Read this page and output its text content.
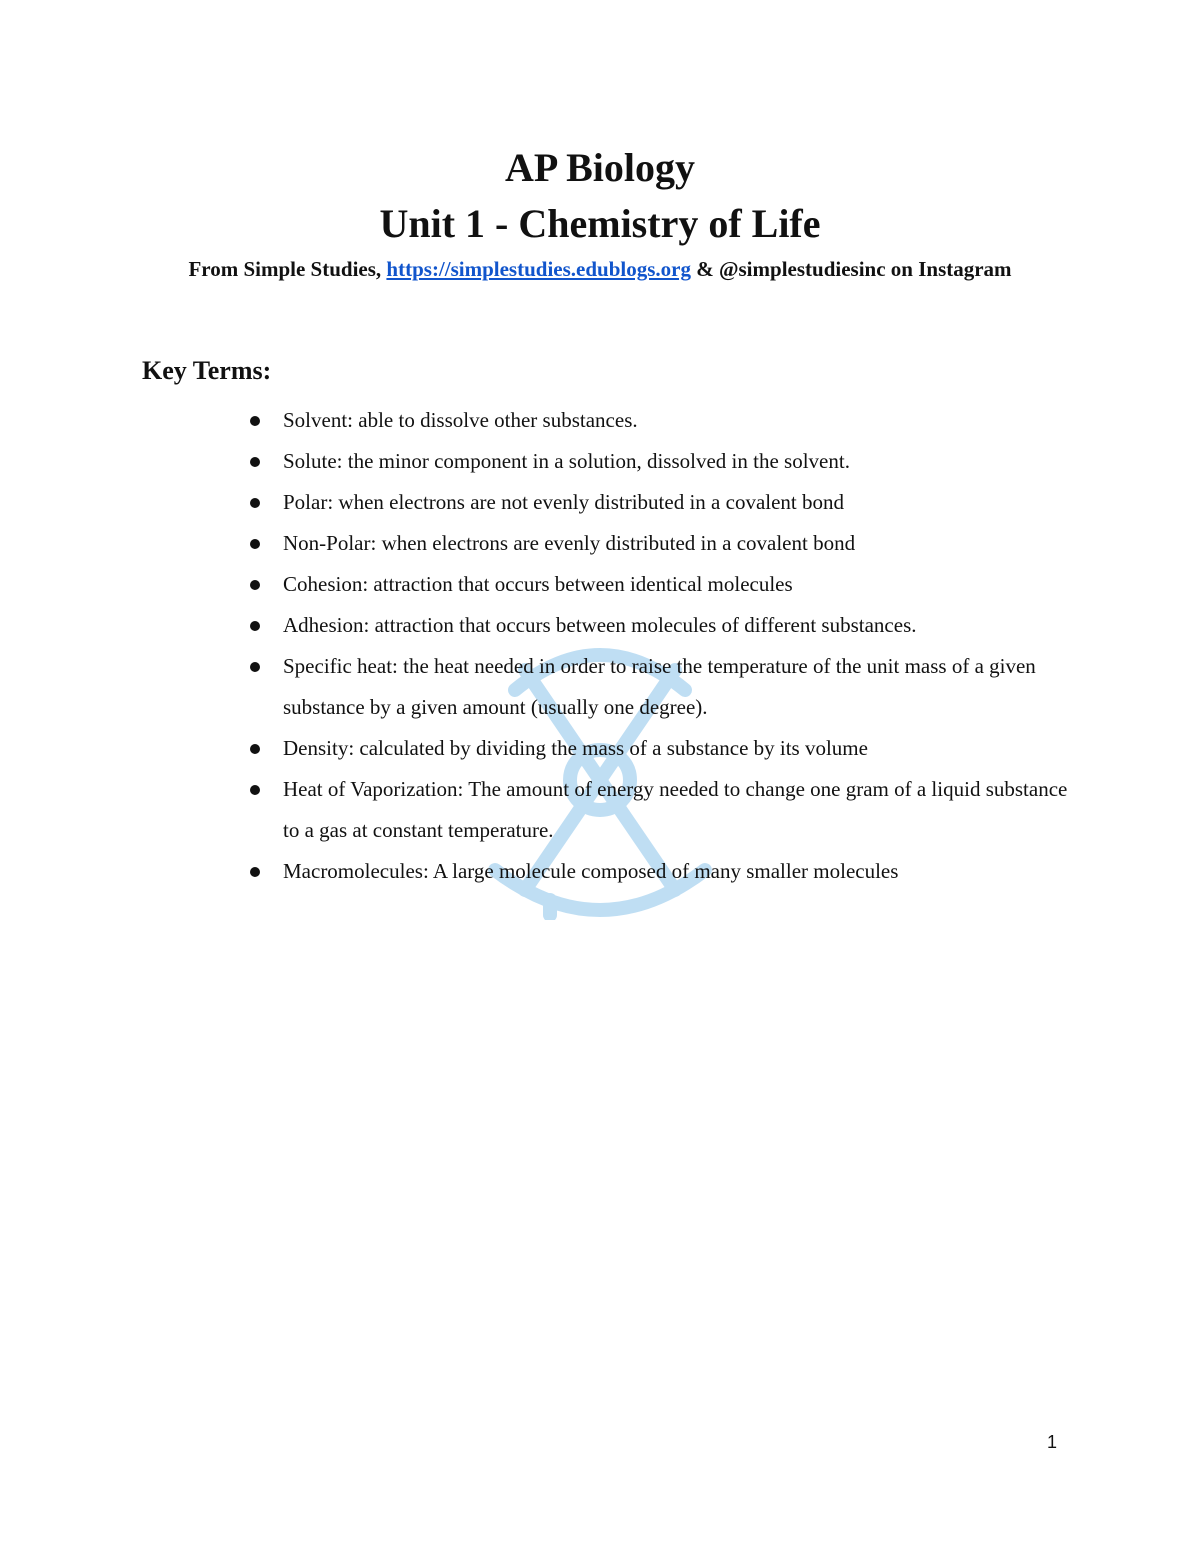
AP Biology
Unit 1 - Chemistry of Life

From Simple Studies, https://simplestudies.edublogs.org & @simplestudiesinc on Instagram

Key Terms:
Solvent: able to dissolve other substances.
Solute: the minor component in a solution, dissolved in the solvent.
Polar: when electrons are not evenly distributed in a covalent bond
Non-Polar: when electrons are evenly distributed in a covalent bond
Cohesion: attraction that occurs between identical molecules
Adhesion: attraction that occurs between molecules of different substances.
Specific heat: the heat needed in order to raise the temperature of the unit mass of a given substance by a given amount (usually one degree).
Density: calculated by dividing the mass of a substance by its volume
Heat of Vaporization: The amount of energy needed to change one gram of a liquid substance to a gas at constant temperature.
Macromolecules: A large molecule composed of many smaller molecules

1
